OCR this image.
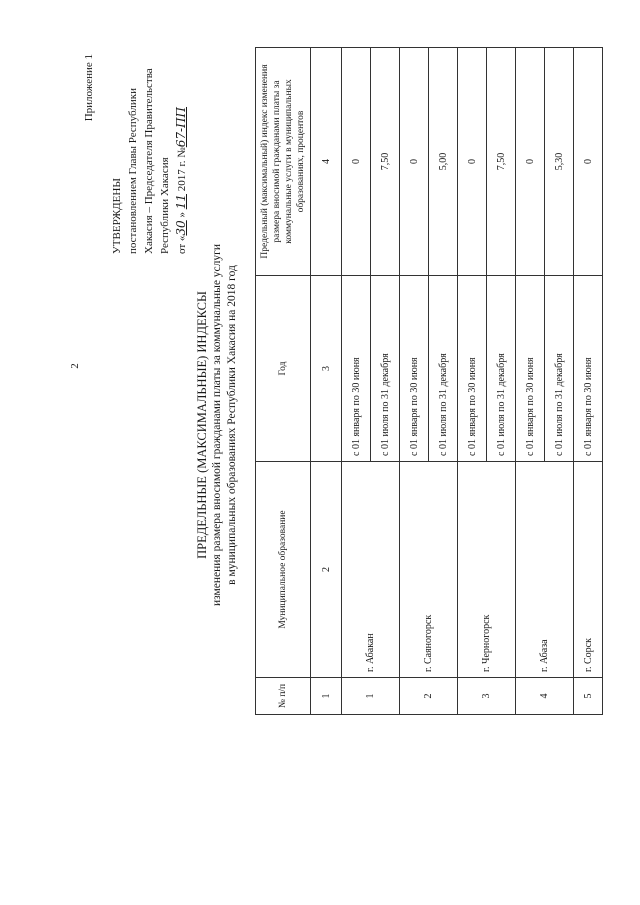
2
Приложение 1
УТВЕРЖДЕНЫ постановлением Главы Республики Хакасия – Председателя Правительства Республики Хакасия от «30 » 11 2017 г. №67-ПП
ПРЕДЕЛЬНЫЕ (МАКСИМАЛЬНЫЕ) ИНДЕКСЫ изменения размера вносимой гражданами платы за коммунальные услуги в муниципальных образованиях Республики Хакасия на 2018 год
№ п/п	Муниципальное образование	Год	Предельный (максимальный) индекс изменения размера вносимой гражданами платы за коммунальные услуги в муниципальных образованиях, процентов
1	2	3	4
1	г. Абакан	с 01 января по 30 июня	0
		с 01 июля по 31 декабря	7,50
2	г. Саяногорск	с 01 января по 30 июня	0
		с 01 июля по 31 декабря	5,00
3	г. Черногорск	с 01 января по 30 июня	0
		с 01 июля по 31 декабря	7,50
4	г. Абаза	с 01 января по 30 июня	0
		с 01 июля по 31 декабря	5,30
5	г. Сорск	с 01 января по 30 июня	0
